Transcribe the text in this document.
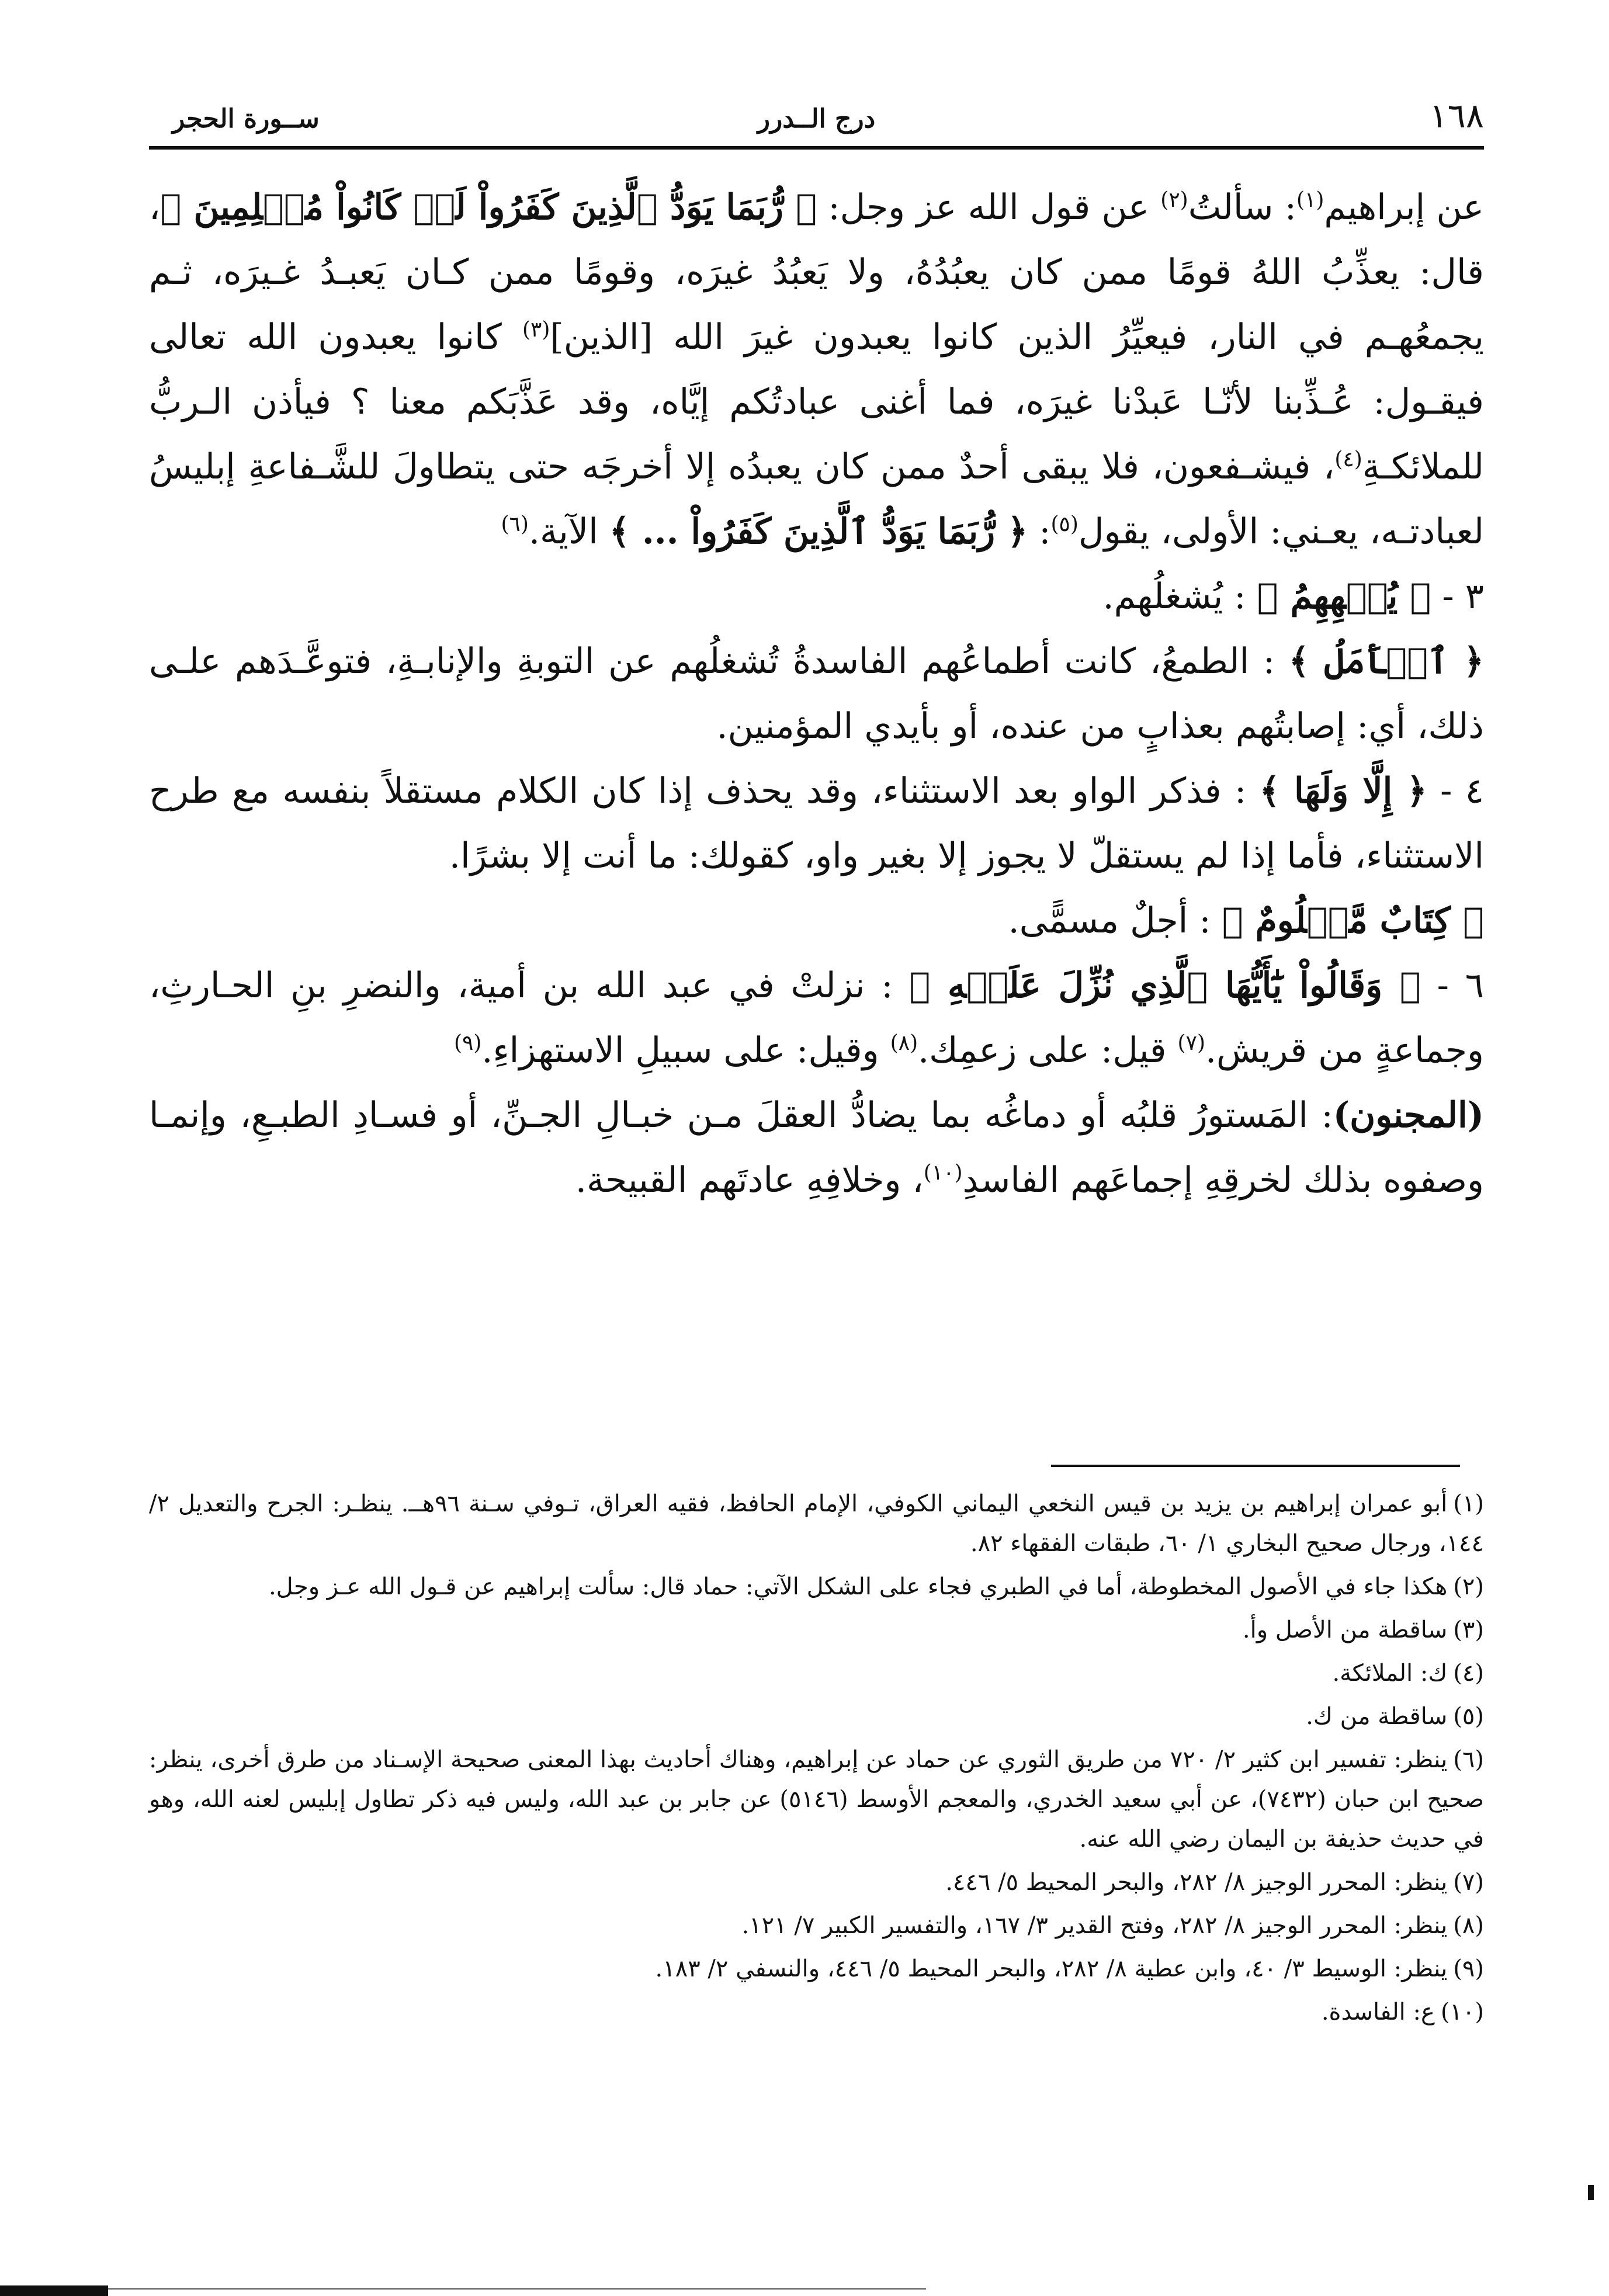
١٦٨
درج الــدرر
ســورة الحجر

عن إبراهيم$^{(١)}$: سألتُ$^{(٢)}$ عن قول الله عز وجل: ﴿ رُّبَمَا يَوَدُّ ٱلَّذِينَ كَفَرُواْ لَوۡ كَانُواْ مُسۡلِمِينَ ﴾، قال: يعذِّبُ اللهُ قومًا ممن كان يعبُدُهُ، ولا يَعبُدُ غيرَه، وقومًا ممن كـان يَعبـدُ غـيرَه، ثـم يجمعُهـم في النار، فيعيِّرُ الذين كانوا يعبدون غيرَ الله [الذين]$^{(٣)}$ كانوا يعبدون الله تعالى فيقـول: عُـذِّبنا لأنّـا عَبدْنا غيرَه، فما أغنى عبادتُكم إيَّاه، وقد عَذَّبَكم معنا ؟ فيأذن الـربُّ للملائكـةِ$^{(٤)}$، فيشـفعون، فلا يبقى أحدٌ ممن كان يعبدُه إلا أخرجَه حتى يتطاولَ للشَّـفاعةِ إبليسُ لعبادتـه، يعـني: الأولى، يقول$^{(٥)}$: ﴿ رُّبَمَا يَوَدُّ ٱلَّذِينَ كَفَرُواْ ... ﴾ الآية.$^{(٦)}$

٣ - ﴿ يُلۡهِهِمُ ﴾ : يُشغلُهم.

﴿ ٱلۡأَمَلُ ﴾ : الطمعُ، كانت أطماعُهم الفاسدةُ تُشغلُهم عن التوبةِ والإنابـةِ، فتوعَّـدَهم علـى ذلك، أي: إصابتُهم بعذابٍ من عنده، أو بأيدي المؤمنين.

٤ - ﴿ إِلَّا وَلَهَا ﴾ : فذكر الواو بعد الاستثناء، وقد يحذف إذا كان الكلام مستقلاً بنفسه مع طرح الاستثناء، فأما إذا لم يستقلّ لا يجوز إلا بغير واو، كقولك: ما أنت إلا بشرًا.

﴿ كِتَابٌ مَّعۡلُومٌ ﴾ : أجلٌ مسمًّى.

٦ - ﴿ وَقَالُواْ يَٰٓأَيُّهَا ٱلَّذِي نُزِّلَ عَلَيۡهِ ﴾ : نزلتْ في عبد الله بن أمية، والنضرِ بنِ الحـارثِ، وجماعةٍ من قريش.$^{(٧)}$ قيل: على زعمِك.$^{(٨)}$ وقيل: على سبيلِ الاستهزاءِ.$^{(٩)}$

(المجنون): المَستورُ قلبُه أو دماغُه بما يضادُّ العقلَ مـن خبـالِ الجـنِّ، أو فسـادِ الطبـعِ، وإنمـا وصفوه بذلك لخرقِهِ إجماعَهم الفاسدِ$^{(١٠)}$، وخلافِهِ عادتَهم القبيحة.

(١)أبو عمران إبراهيم بن يزيد بن قيس النخعي اليماني الكوفي، الإمام الحافظ، فقيه العراق، تـوفي سـنة ٩٦هــ. ينظـر: الجرح والتعديل ٢/ ١٤٤، ورجال صحيح البخاري ١/ ٦٠، طبقات الفقهاء ٨٢.

(٢)هكذا جاء في الأصول المخطوطة، أما في الطبري فجاء على الشكل الآتي: حماد قال: سألت إبراهيم عن قـول الله عـز وجل.

(٣)ساقطة من الأصل وأ.

(٤)ك: الملائكة.

(٥)ساقطة من ك.

(٦)ينظر: تفسير ابن كثير ٢/ ٧٢٠ من طريق الثوري عن حماد عن إبراهيم، وهناك أحاديث بهذا المعنى صحيحة الإسـناد من طرق أخرى، ينظر: صحيح ابن حبان (٧٤٣٢)، عن أبي سعيد الخدري، والمعجم الأوسط (٥١٤٦) عن جابر بن عبد الله، وليس فيه ذكر تطاول إبليس لعنه الله، وهو في حديث حذيفة بن اليمان رضي الله عنه.

(٧)ينظر: المحرر الوجيز ٨/ ٢٨٢، والبحر المحيط ٥/ ٤٤٦.

(٨)ينظر: المحرر الوجيز ٨/ ٢٨٢، وفتح القدير ٣/ ١٦٧، والتفسير الكبير ٧/ ١٢١.

(٩)ينظر: الوسيط ٣/ ٤٠، وابن عطية ٨/ ٢٨٢، والبحر المحيط ٥/ ٤٤٦، والنسفي ٢/ ١٨٣.

(١٠)ع: الفاسدة.
